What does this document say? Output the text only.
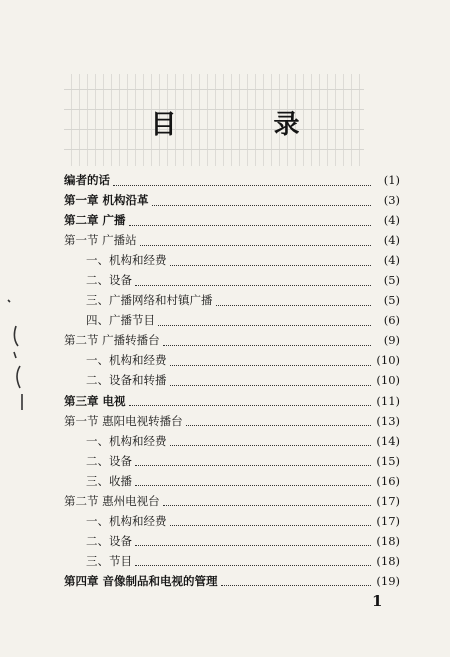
目 录
编者的话	(1)
第一章 机构沿革	(3)
第二章 广播	(4)
第一节 广播站	(4)
一、机构和经费	(4)
二、设备	(5)
三、广播网络和村镇广播	(5)
四、广播节目	(6)
第二节 广播转播台	(9)
一、机构和经费	(10)
二、设备和转播	(10)
第三章 电视	(11)
第一节 惠阳电视转播台	(13)
一、机构和经费	(14)
二、设备	(15)
三、收播	(16)
第二节 惠州电视台	(17)
一、机构和经费	(17)
二、设备	(18)
三、节目	(18)
第四章 音像制品和电视的管理	(19)
1
